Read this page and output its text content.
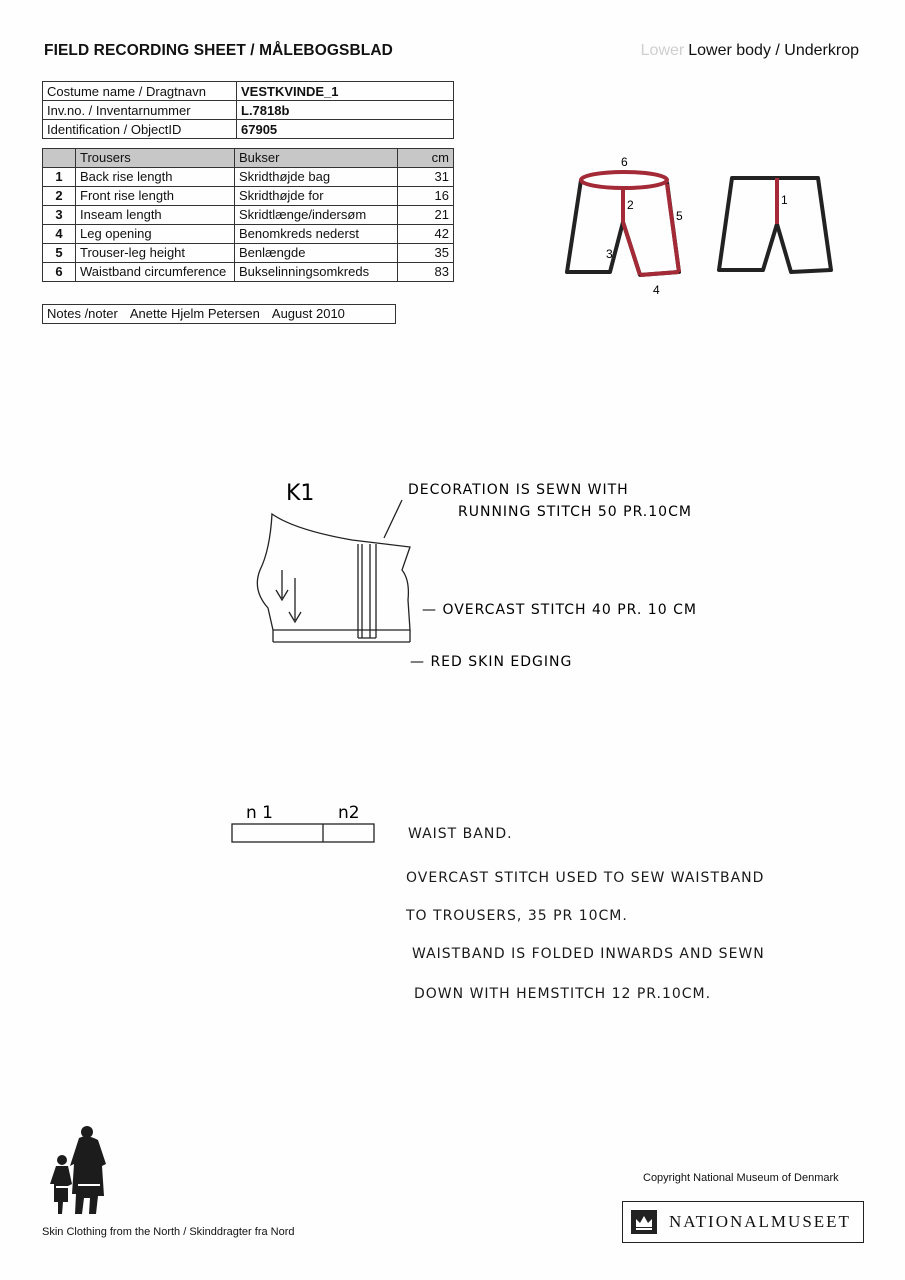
FIELD RECORDING SHEET / MÅLEBOGSBLAD	Lower Lower body / Underkrop
Costume name / Dragtnavn	VESTKVINDE_1
Inv.no. / Inventarnummer	L.7818b
Identification / ObjectID	67905
	Trousers	Bukser	cm
1	Back rise length	Skridthøjde bag	31
2	Front rise length	Skridthøjde for	16
3	Inseam length	Skridtlænge/indersøm	21
4	Leg opening	Benomkreds nederst	42
5	Trouser-leg height	Benlængde	35
6	Waistband circumference	Bukselinningsomkreds	83
Notes /noter Anette Hjelm Petersen August 2010
6
2
5
3
4
1
K1	DECORATION IS SEWN WITH
RUNNING STITCH 50 PR.10CM
— OVERCAST STITCH 40 PR. 10 CM
— RED SKIN EDGING
n 1	n2
WAIST BAND.
OVERCAST STITCH USED TO SEW WAISTBAND
TO TROUSERS, 35 PR 10CM.
WAISTBAND IS FOLDED INWARDS AND SEWN
DOWN WITH HEMSTITCH 12 PR.10CM.
Skin Clothing from the North / Skinddragter fra Nord
Copyright National Museum of Denmark
NATIONALMUSEET
